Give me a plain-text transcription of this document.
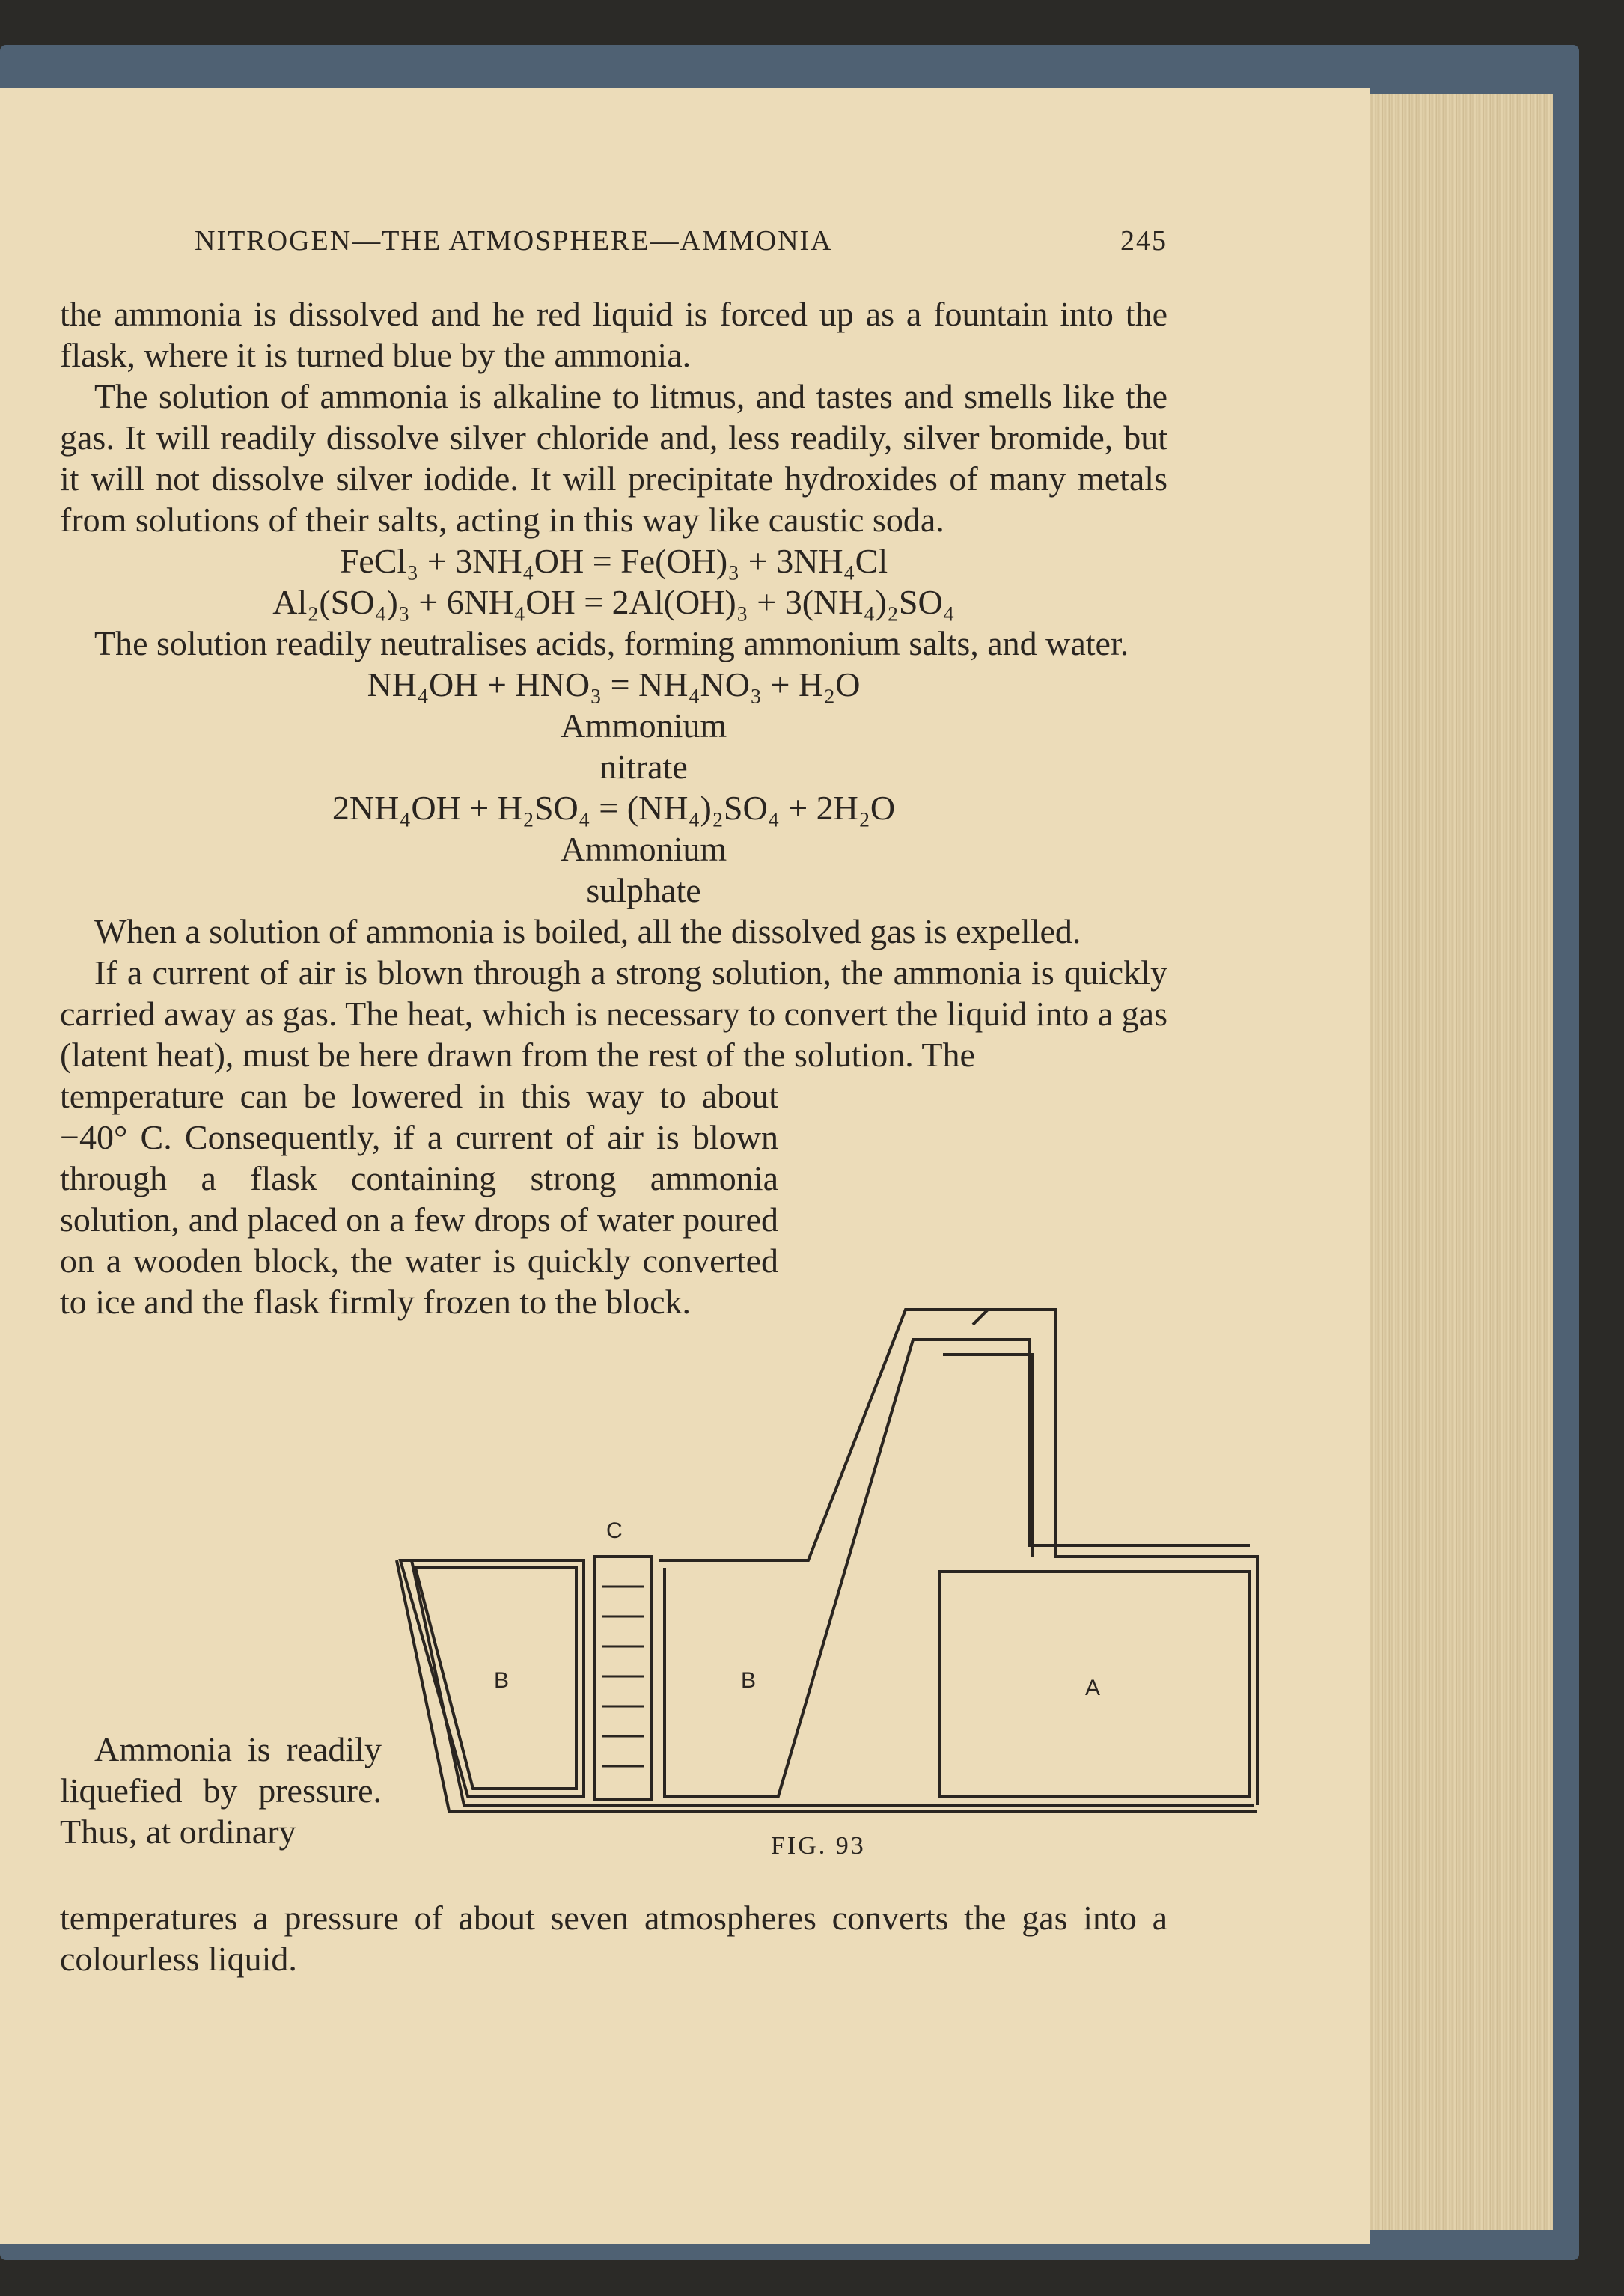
NITROGEN—THE ATMOSPHERE—AMMONIA	245

the ammonia is dissolved and he red liquid is forced up as a fountain into the flask, where it is turned blue by the ammonia.

The solution of ammonia is alkaline to litmus, and tastes and smells like the gas. It will readily dissolve silver chloride and, less readily, silver bromide, but it will not dissolve silver iodide. It will precipitate hydroxides of many metals from solutions of their salts, acting in this way like caustic soda.

FeCl₃ + 3NH₄OH = Fe(OH)₃ + 3NH₄Cl

Al₂(SO₄)₃ + 6NH₄OH = 2Al(OH)₃ + 3(NH₄)₂SO₄

The solution readily neutralises acids, forming ammonium salts, and water.

NH₄OH + HNO₃ = NH₄NO₃ + H₂O

Ammonium

nitrate

2NH₄OH + H₂SO₄ = (NH₄)₂SO₄ + 2H₂O

Ammonium

sulphate

When a solution of ammonia is boiled, all the dissolved gas is expelled.

If a current of air is blown through a strong solution, the ammonia is quickly carried away as gas. The heat, which is necessary to convert the liquid into a gas (latent heat), must be here drawn from the rest of the solution. The

temperature can be lowered in this way to about −40° C. Consequently, if a current of air is blown through a flask containing strong ammonia solution, and placed on a few drops of water poured on a wooden block, the water is quickly converted to ice and the flask firmly frozen to the block.

Ammonia is readily liquefied by pressure. Thus, at ordinary

C
B	B	A
FIG. 93

temperatures a pressure of about seven atmospheres converts the gas into a colourless liquid.
